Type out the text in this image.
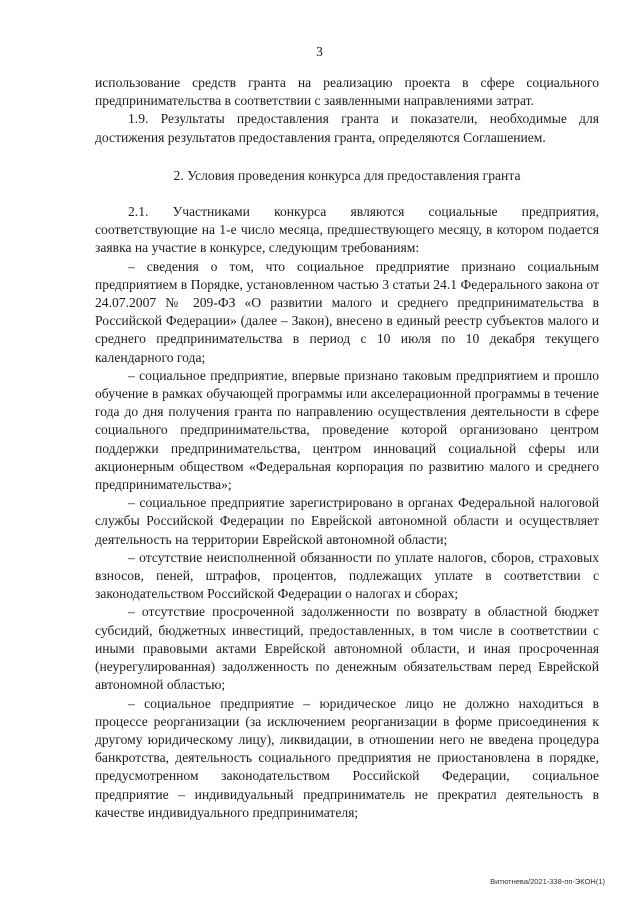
3

использование средств гранта на реализацию проекта в сфере социального предпринимательства в соответствии с заявленными направлениями затрат.

1.9. Результаты предоставления гранта и показатели, необходимые для достижения результатов предоставления гранта, определяются Соглашением.

2. Условия проведения конкурса для предоставления гранта

2.1. Участниками конкурса являются социальные предприятия, соответствующие на 1-е число месяца, предшествующего месяцу, в котором подается заявка на участие в конкурсе, следующим требованиям:

– сведения о том, что социальное предприятие признано социальным предприятием в Порядке, установленном частью 3 статьи 24.1 Федерального закона от 24.07.2007 № 209-ФЗ «О развитии малого и среднего предпринимательства в Российской Федерации» (далее – Закон), внесено в единый реестр субъектов малого и среднего предпринимательства в период с 10 июля по 10 декабря текущего календарного года;

– социальное предприятие, впервые признано таковым предприятием и прошло обучение в рамках обучающей программы или акселерационной программы в течение года до дня получения гранта по направлению осуществления деятельности в сфере социального предпринимательства, проведение которой организовано центром поддержки предпринимательства, центром инноваций социальной сферы или акционерным обществом «Федеральная корпорация по развитию малого и среднего предпринимательства»;

– социальное предприятие зарегистрировано в органах Федеральной налоговой службы Российской Федерации по Еврейской автономной области и осуществляет деятельность на территории Еврейской автономной области;

– отсутствие неисполненной обязанности по уплате налогов, сборов, страховых взносов, пеней, штрафов, процентов, подлежащих уплате в соответствии с законодательством Российской Федерации о налогах и сборах;

– отсутствие просроченной задолженности по возврату в областной бюджет субсидий, бюджетных инвестиций, предоставленных, в том числе в соответствии с иными правовыми актами Еврейской автономной области, и иная просроченная (неурегулированная) задолженность по денежным обязательствам перед Еврейской автономной областью;

– социальное предприятие – юридическое лицо не должно находиться в процессе реорганизации (за исключением реорганизации в форме присоединения к другому юридическому лицу), ликвидации, в отношении него не введена процедура банкротства, деятельность социального предприятия не приостановлена в порядке, предусмотренном законодательством Российской Федерации, социальное предприятие – индивидуальный предприниматель не прекратил деятельность в качестве индивидуального предпринимателя;

Витютнева/2021-338-пп-ЭКОН(1)
